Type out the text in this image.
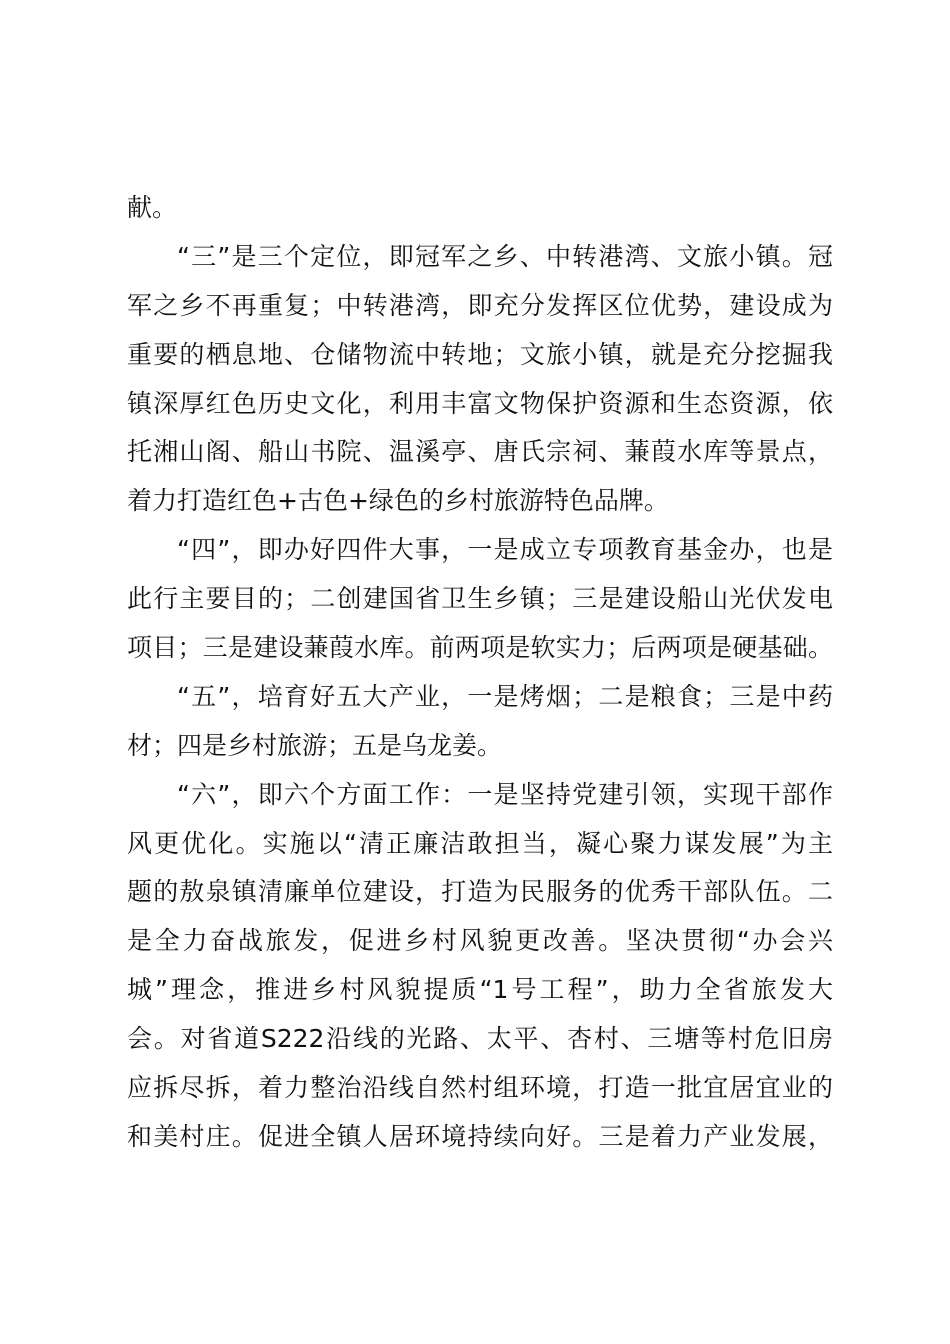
献。
“三”是三个定位，即冠军之乡、中转港湾、文旅小镇。冠
军之乡不再重复；中转港湾，即充分发挥区位优势，建设成为
重要的栖息地、仓储物流中转地；文旅小镇，就是充分挖掘我
镇深厚红色历史文化，利用丰富文物保护资源和生态资源，依
托湘山阁、船山书院、温溪亭、唐氏宗祠、蒹葭水库等景点，
着力打造红色+古色+绿色的乡村旅游特色品牌。
“四”，即办好四件大事，一是成立专项教育基金办，也是
此行主要目的；二创建国省卫生乡镇；三是建设船山光伏发电
项目；三是建设蒹葭水库。前两项是软实力；后两项是硬基础。
“五”，培育好五大产业，一是烤烟；二是粮食；三是中药
材；四是乡村旅游；五是乌龙姜。
“六”，即六个方面工作：一是坚持党建引领，实现干部作
风更优化。实施以“清正廉洁敢担当，凝心聚力谋发展”为主
题的敖泉镇清廉单位建设，打造为民服务的优秀干部队伍。二
是全力奋战旅发，促进乡村风貌更改善。坚决贯彻“办会兴
城”理念，推进乡村风貌提质“1号工程”，助力全省旅发大
会。对省道S222沿线的光路、太平、杏村、三塘等村危旧房
应拆尽拆，着力整治沿线自然村组环境，打造一批宜居宜业的
和美村庄。促进全镇人居环境持续向好。三是着力产业发展，
